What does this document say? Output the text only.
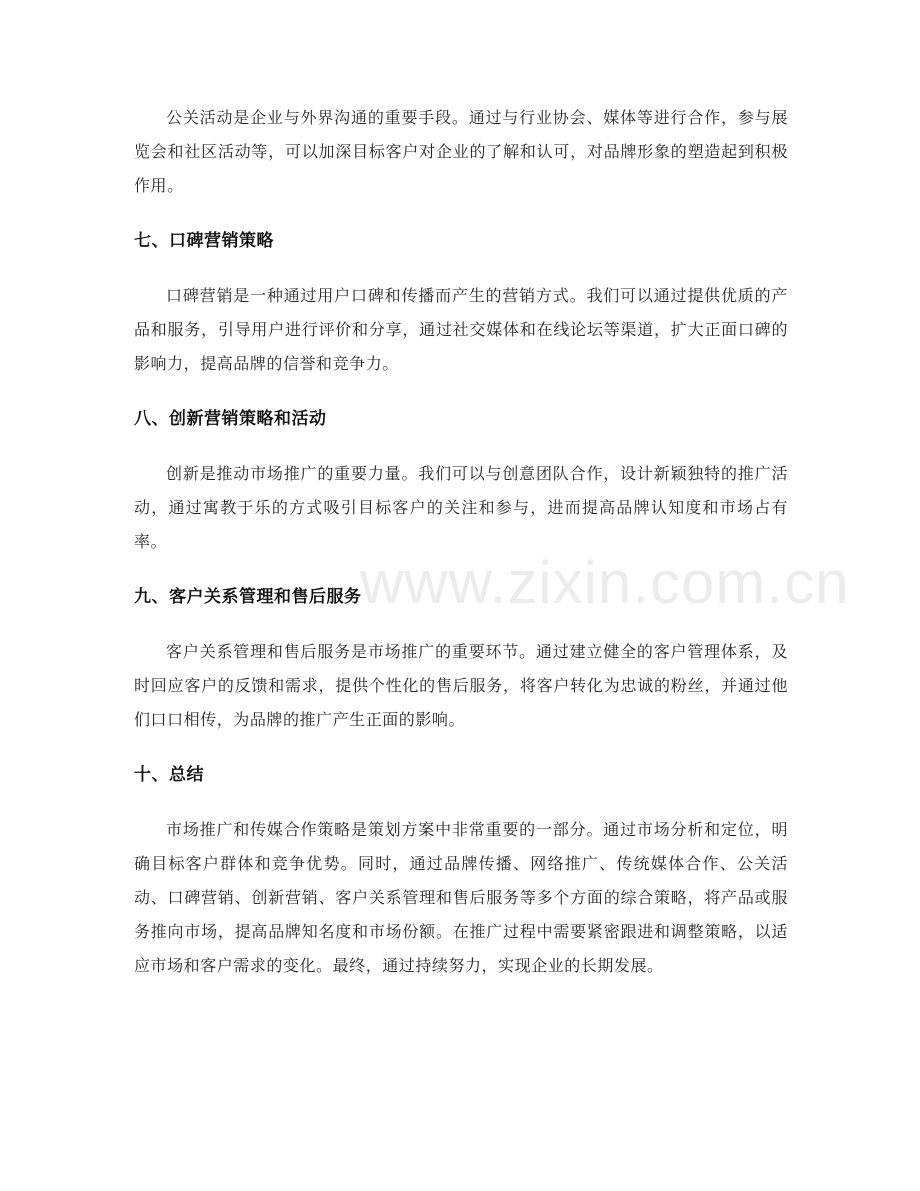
公关活动是企业与外界沟通的重要手段。通过与行业协会、媒体等进行合作，参与展览会和社区活动等，可以加深目标客户对企业的了解和认可，对品牌形象的塑造起到积极作用。

七、口碑营销策略

口碑营销是一种通过用户口碑和传播而产生的营销方式。我们可以通过提供优质的产品和服务，引导用户进行评价和分享，通过社交媒体和在线论坛等渠道，扩大正面口碑的影响力，提高品牌的信誉和竞争力。

八、创新营销策略和活动

创新是推动市场推广的重要力量。我们可以与创意团队合作，设计新颖独特的推广活动，通过寓教于乐的方式吸引目标客户的关注和参与，进而提高品牌认知度和市场占有率。

九、客户关系管理和售后服务

客户关系管理和售后服务是市场推广的重要环节。通过建立健全的客户管理体系，及时回应客户的反馈和需求，提供个性化的售后服务，将客户转化为忠诚的粉丝，并通过他们口口相传，为品牌的推广产生正面的影响。

十、总结

市场推广和传媒合作策略是策划方案中非常重要的一部分。通过市场分析和定位，明确目标客户群体和竞争优势。同时，通过品牌传播、网络推广、传统媒体合作、公关活动、口碑营销、创新营销、客户关系管理和售后服务等多个方面的综合策略，将产品或服务推向市场，提高品牌知名度和市场份额。在推广过程中需要紧密跟进和调整策略，以适应市场和客户需求的变化。最终，通过持续努力，实现企业的长期发展。

www.zixin.com.cn
